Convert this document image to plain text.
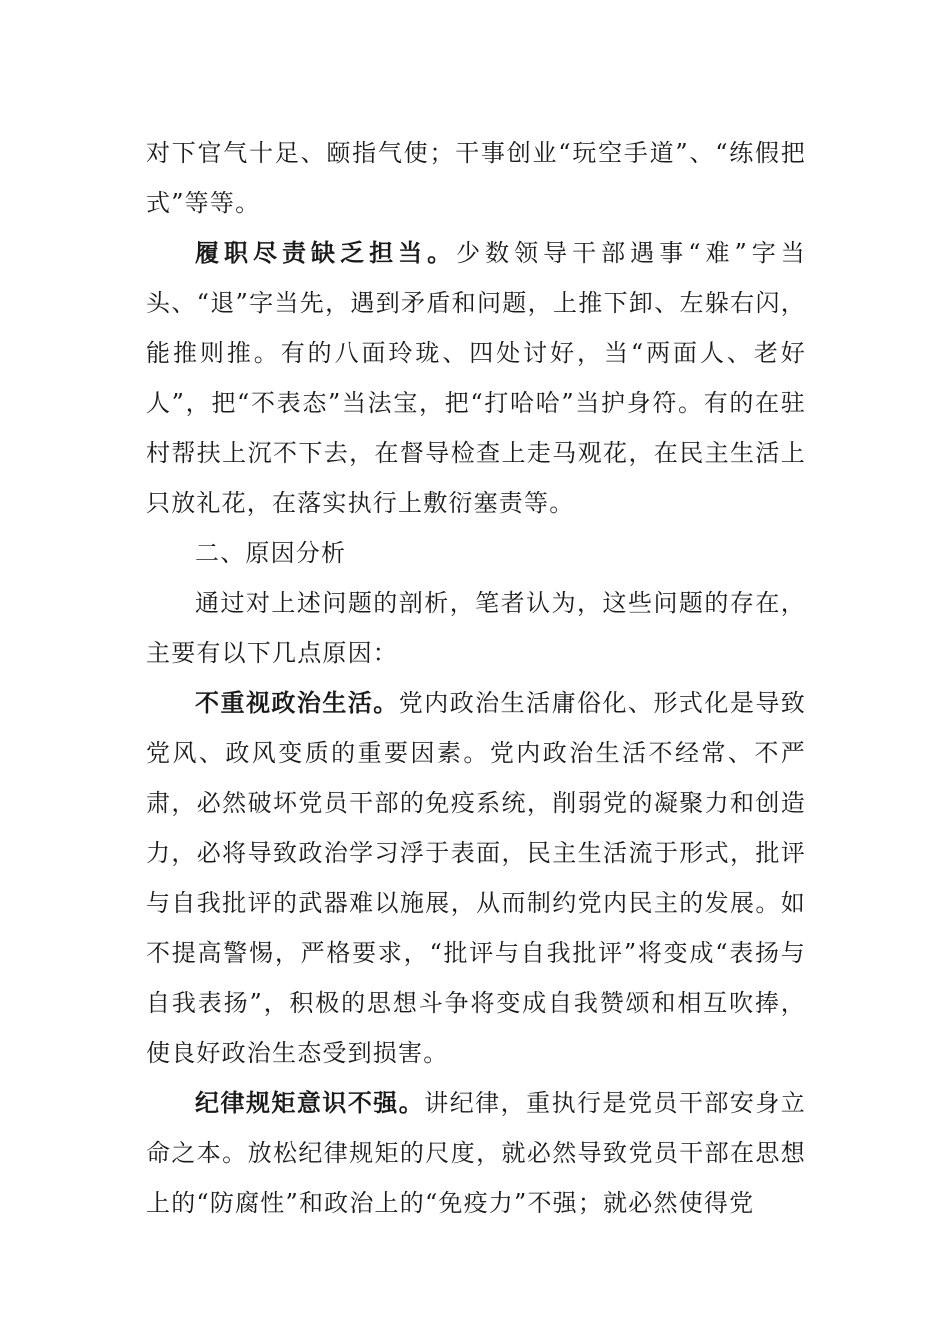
对下官气十足、颐指气使；干事创业“玩空手道”、“练假把式”等等。

履职尽责缺乏担当。少数领导干部遇事“难”字当头、“退”字当先，遇到矛盾和问题，上推下卸、左躲右闪，能推则推。有的八面玲珑、四处讨好，当“两面人、老好人”，把“不表态”当法宝，把“打哈哈”当护身符。有的在驻村帮扶上沉不下去，在督导检查上走马观花，在民主生活上只放礼花，在落实执行上敷衍塞责等。

二、原因分析

通过对上述问题的剖析，笔者认为，这些问题的存在，主要有以下几点原因：

不重视政治生活。党内政治生活庸俗化、形式化是导致党风、政风变质的重要因素。党内政治生活不经常、不严肃，必然破坏党员干部的免疫系统，削弱党的凝聚力和创造力，必将导致政治学习浮于表面，民主生活流于形式，批评与自我批评的武器难以施展，从而制约党内民主的发展。如不提高警惕，严格要求，“批评与自我批评”将变成“表扬与自我表扬”，积极的思想斗争将变成自我赞颂和相互吹捧，使良好政治生态受到损害。

纪律规矩意识不强。讲纪律，重执行是党员干部安身立命之本。放松纪律规矩的尺度，就必然导致党员干部在思想上的“防腐性”和政治上的“免疫力”不强；就必然使得党
